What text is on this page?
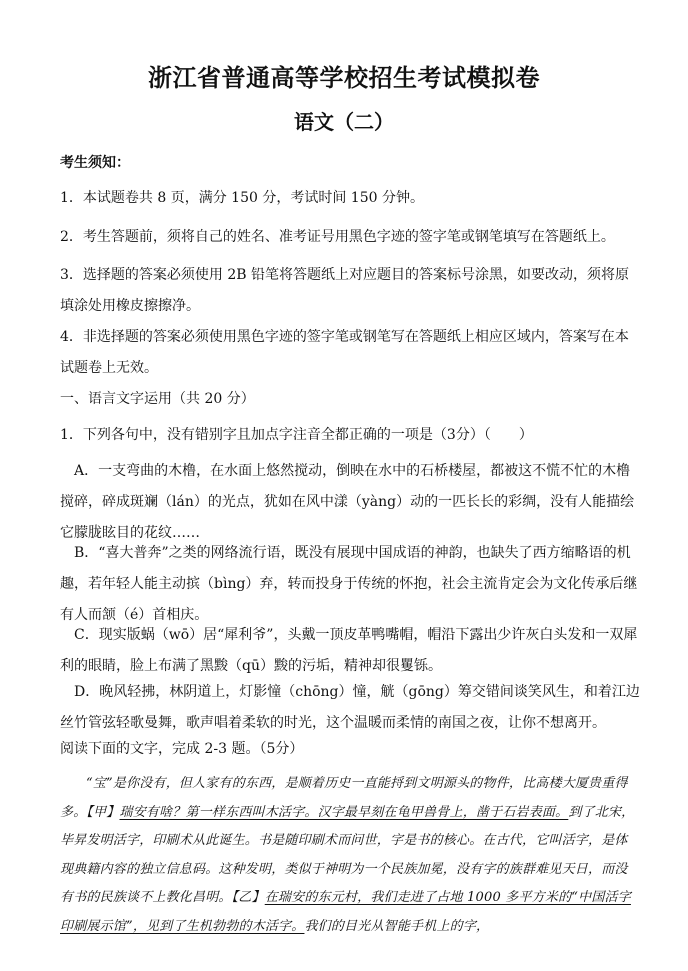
浙江省普通高等学校招生考试模拟卷
语文（二）

考生须知：

1．本试题卷共 8 页，满分 150 分，考试时间 150 分钟。

2．考生答题前，须将自己的姓名、准考证号用黑色字迹的签字笔或钢笔填写在答题纸上。

3．选择题的答案必须使用 2B 铅笔将答题纸上对应题目的答案标号涂黑，如要改动，须将原填涂处用橡皮擦擦净。

4．非选择题的答案必须使用黑色字迹的签字笔或钢笔写在答题纸上相应区域内，答案写在本试题卷上无效。

一、语言文字运用（共 20 分）

1．下列各句中，没有错别字且加点字注音全都正确的一项是（3分）（　　）

A．一支弯曲的木橹，在水面上悠然搅动，倒映在水中的石桥楼屋，都被这不慌不忙的木橹搅碎，碎成斑斓（lán）的光点，犹如在风中漾（yàng）动的一匹长长的彩绸，没有人能描绘它朦胧眩目的花纹……

B．“喜大普奔”之类的网络流行语，既没有展现中国成语的神韵，也缺失了西方缩略语的机趣，若年轻人能主动摈（bìng）弃，转而投身于传统的怀抱，社会主流肯定会为文化传承后继有人而颔（é）首相庆。

C．现实版蜗（wō）居“犀利爷”，头戴一顶皮革鸭嘴帽，帽沿下露出少许灰白头发和一双犀利的眼睛，脸上布满了黑黢（qū）黢的污垢，精神却很矍铄。

D．晚风轻拂，林阴道上，灯影憧（chōng）憧，觥（gōng）筹交错间谈笑风生，和着江边丝竹管弦轻歌曼舞，歌声唱着柔软的时光，这个温暖而柔情的南国之夜，让你不想离开。

阅读下面的文字，完成 2-3 题。（5分）

“宝”是你没有，但人家有的东西，是顺着历史一直能捋到文明源头的物件，比高楼大厦贵重得多。【甲】瑞安有啥？第一样东西叫木活字。汉字最早刻在龟甲兽骨上，凿于石岩表面。到了北宋，毕昇发明活字，印刷术从此诞生。书是随印刷术而问世，字是书的核心。在古代，它叫活字，是体现典籍内容的独立信息码。这种发明，类似于神明为一个民族加冕，没有字的族群难见天日，而没有书的民族谈不上教化昌明。【乙】在瑞安的东元村，我们走进了占地 1000 多平方米的“中国活字印刷展示馆”，见到了生机勃勃的木活字。我们的目光从智能手机上的字，
